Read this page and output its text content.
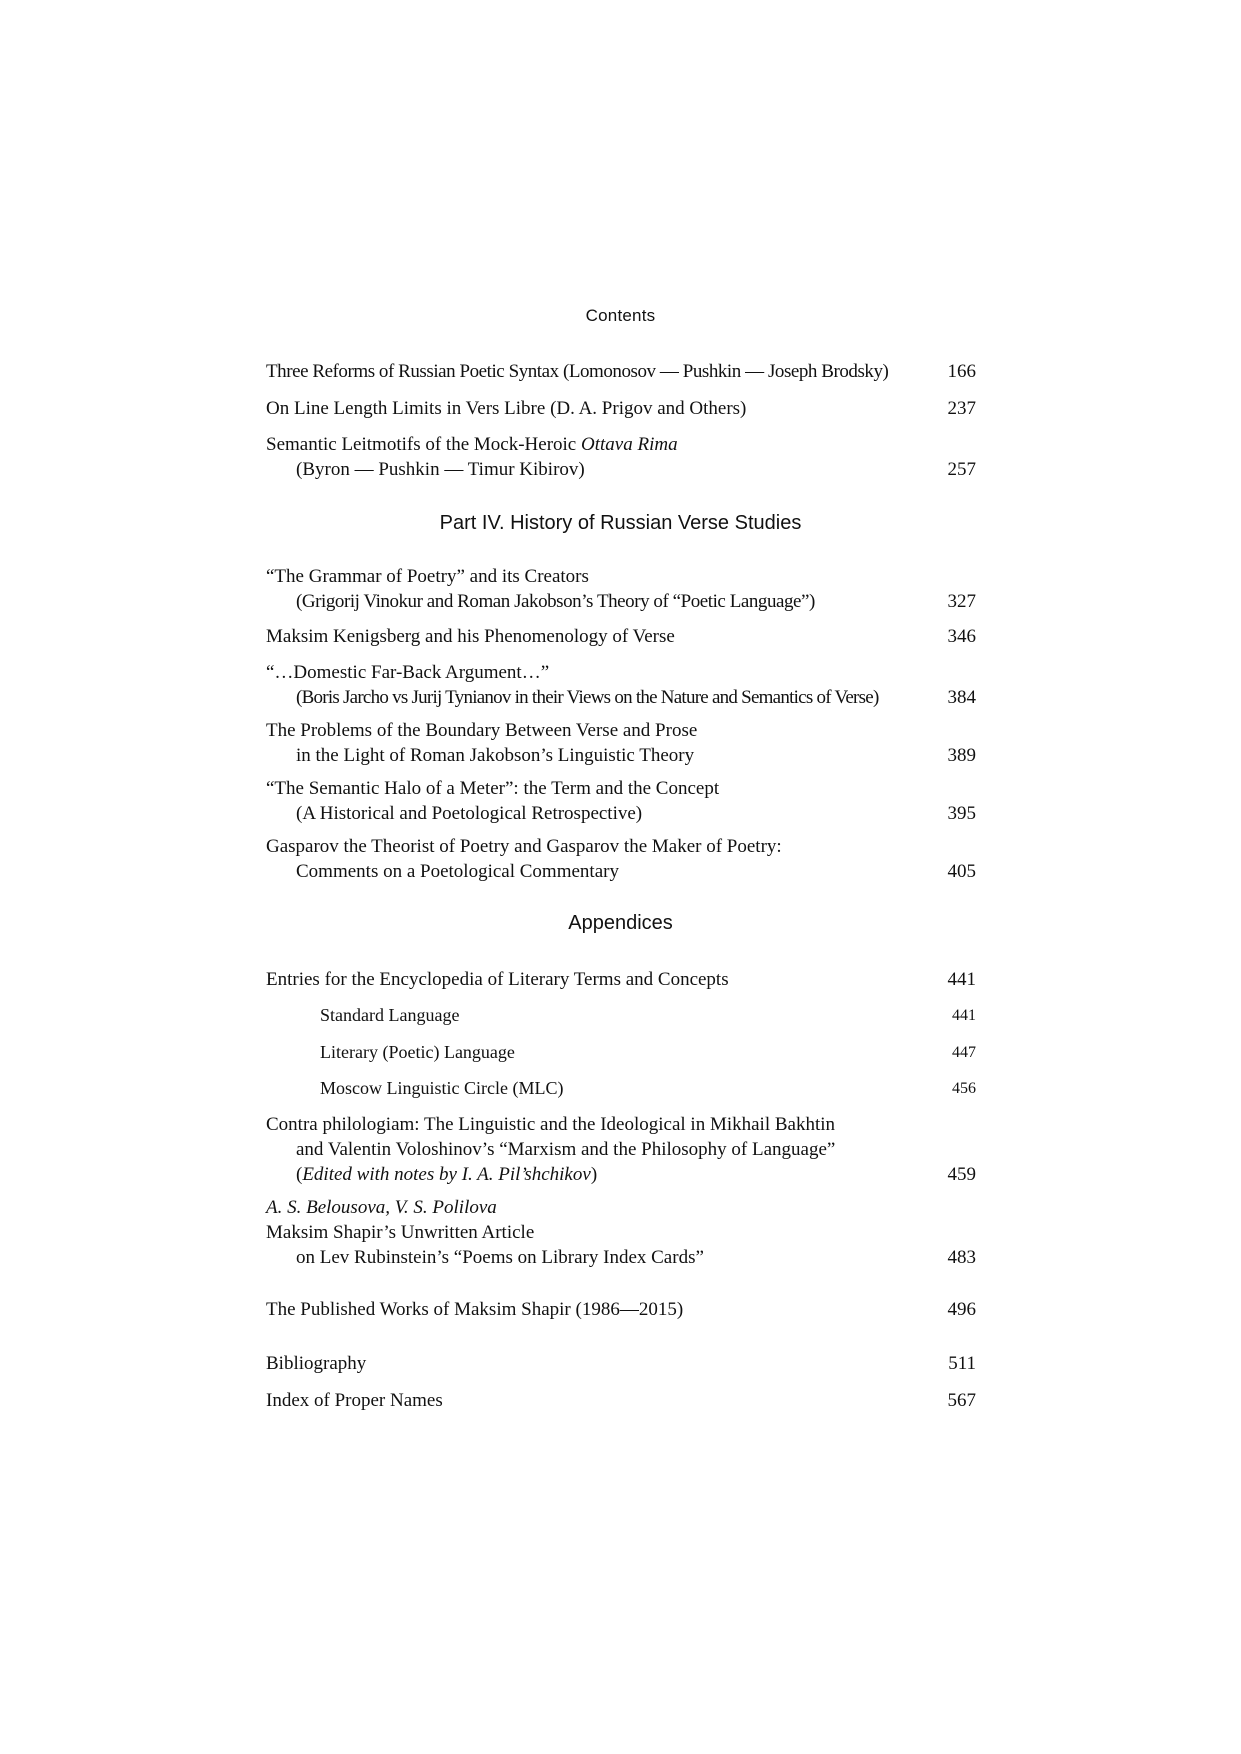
Contents
Three Reforms of Russian Poetic Syntax (Lomonosov — Pushkin — Joseph Brodsky)	166
On Line Length Limits in Vers Libre (D. A. Prigov and Others)	237
Semantic Leitmotifs of the Mock-Heroic Ottava Rima
(Byron — Pushkin — Timur Kibirov)	257
Part IV. History of Russian Verse Studies
“The Grammar of Poetry” and its Creators
(Grigorij Vinokur and Roman Jakobson’s Theory of “Poetic Language”)	327
Maksim Kenigsberg and his Phenomenology of Verse	346
“…Domestic Far-Back Argument…”
(Boris Jarcho vs Jurij Tynianov in their Views on the Nature and Semantics of Verse)	384
The Problems of the Boundary Between Verse and Prose
in the Light of Roman Jakobson’s Linguistic Theory	389
“The Semantic Halo of a Meter”: the Term and the Concept
(A Historical and Poetological Retrospective)	395
Gasparov the Theorist of Poetry and Gasparov the Maker of Poetry:
Comments on a Poetological Commentary	405
Appendices
Entries for the Encyclopedia of Literary Terms and Concepts	441
Standard Language	441
Literary (Poetic) Language	447
Moscow Linguistic Circle (MLC)	456
Contra philologiam: The Linguistic and the Ideological in Mikhail Bakhtin
and Valentin Voloshinov’s “Marxism and the Philosophy of Language”
(Edited with notes by I. A. Pil’shchikov)	459
A. S. Belousova, V. S. Polilova
Maksim Shapir’s Unwritten Article
on Lev Rubinstein’s “Poems on Library Index Cards”	483
The Published Works of Maksim Shapir (1986—2015)	496
Bibliography	511
Index of Proper Names	567
